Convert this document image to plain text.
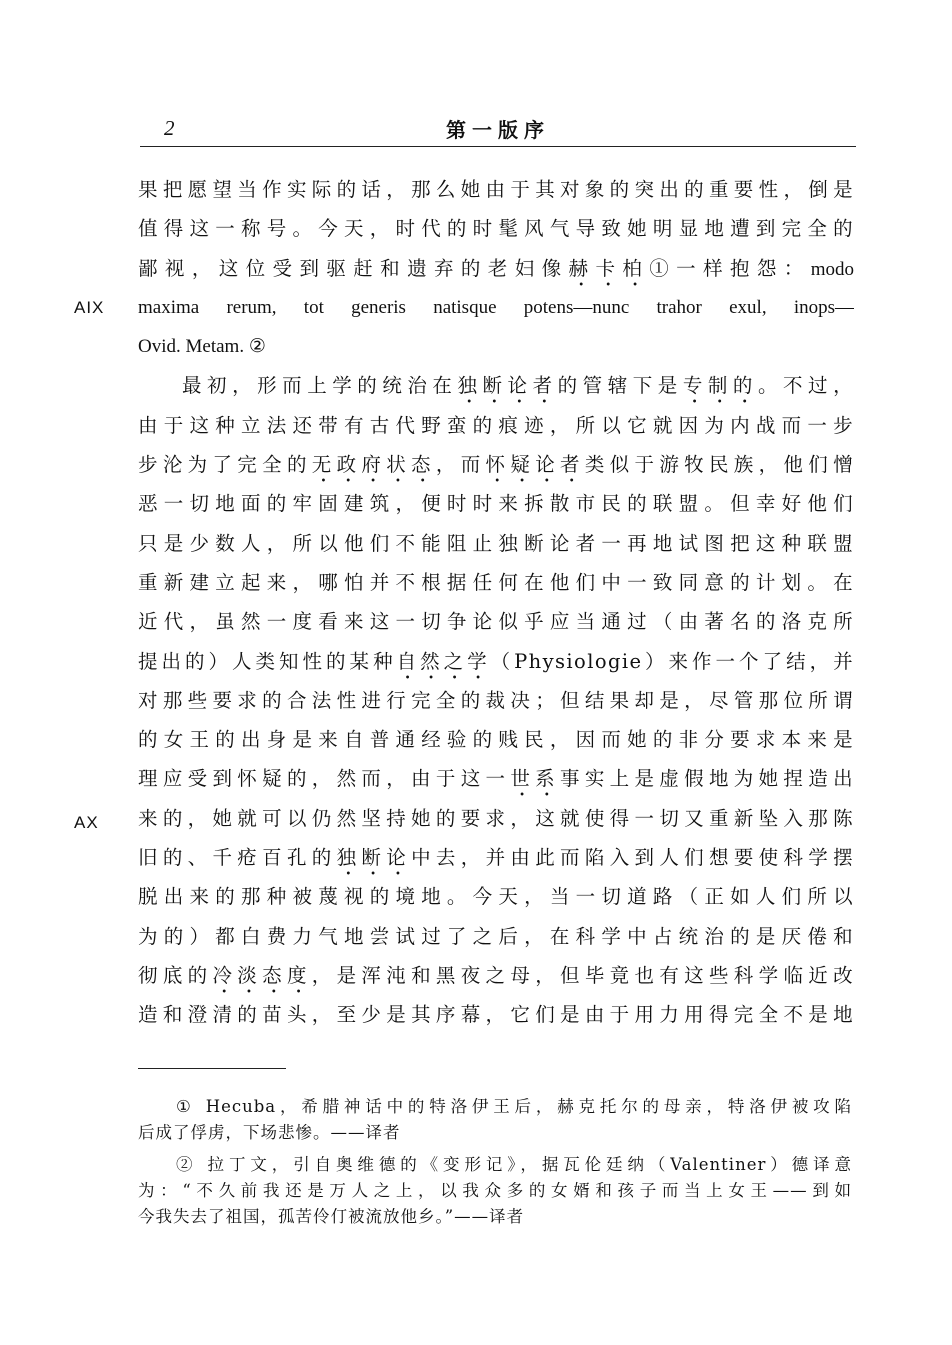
2	第一版序
AIX
AX
果把愿望当作实际的话，那么她由于其对象的突出的重要性，倒是
值得这一称号。今天，时代的时髦风气导致她明显地遭到完全的
鄙视，这位受到驱赶和遗弃的老妇像赫卡柏①一样抱怨：modo
maxima rerum, tot generis natisque potens—nunc trahor exul, inops—
Ovid. Metam. ②
最初，形而上学的统治在独断论者的管辖下是专制的。不过，
由于这种立法还带有古代野蛮的痕迹，所以它就因为内战而一步
步沦为了完全的无政府状态，而怀疑论者类似于游牧民族，他们憎
恶一切地面的牢固建筑，便时时来拆散市民的联盟。但幸好他们
只是少数人，所以他们不能阻止独断论者一再地试图把这种联盟
重新建立起来，哪怕并不根据任何在他们中一致同意的计划。在
近代，虽然一度看来这一切争论似乎应当通过（由著名的洛克所
提出的）人类知性的某种自然之学（Physiologie）来作一个了结，并
对那些要求的合法性进行完全的裁决；但结果却是，尽管那位所谓
的女王的出身是来自普通经验的贱民，因而她的非分要求本来是
理应受到怀疑的，然而，由于这一世系事实上是虚假地为她捏造出
来的，她就可以仍然坚持她的要求，这就使得一切又重新坠入那陈
旧的、千疮百孔的独断论中去，并由此而陷入到人们想要使科学摆
脱出来的那种被蔑视的境地。今天，当一切道路（正如人们所以
为的）都白费力气地尝试过了之后，在科学中占统治的是厌倦和
彻底的冷淡态度，是浑沌和黑夜之母，但毕竟也有这些科学临近改
造和澄清的苗头，至少是其序幕，它们是由于用力用得完全不是地
① Hecuba，希腊神话中的特洛伊王后，赫克托尔的母亲，特洛伊被攻陷
后成了俘虏，下场悲惨。——译者
② 拉丁文，引自奥维德的《变形记》，据瓦伦廷纳（Valentiner）德译意
为：“不久前我还是万人之上，以我众多的女婿和孩子而当上女王——到如
今我失去了祖国，孤苦伶仃被流放他乡。”——译者
